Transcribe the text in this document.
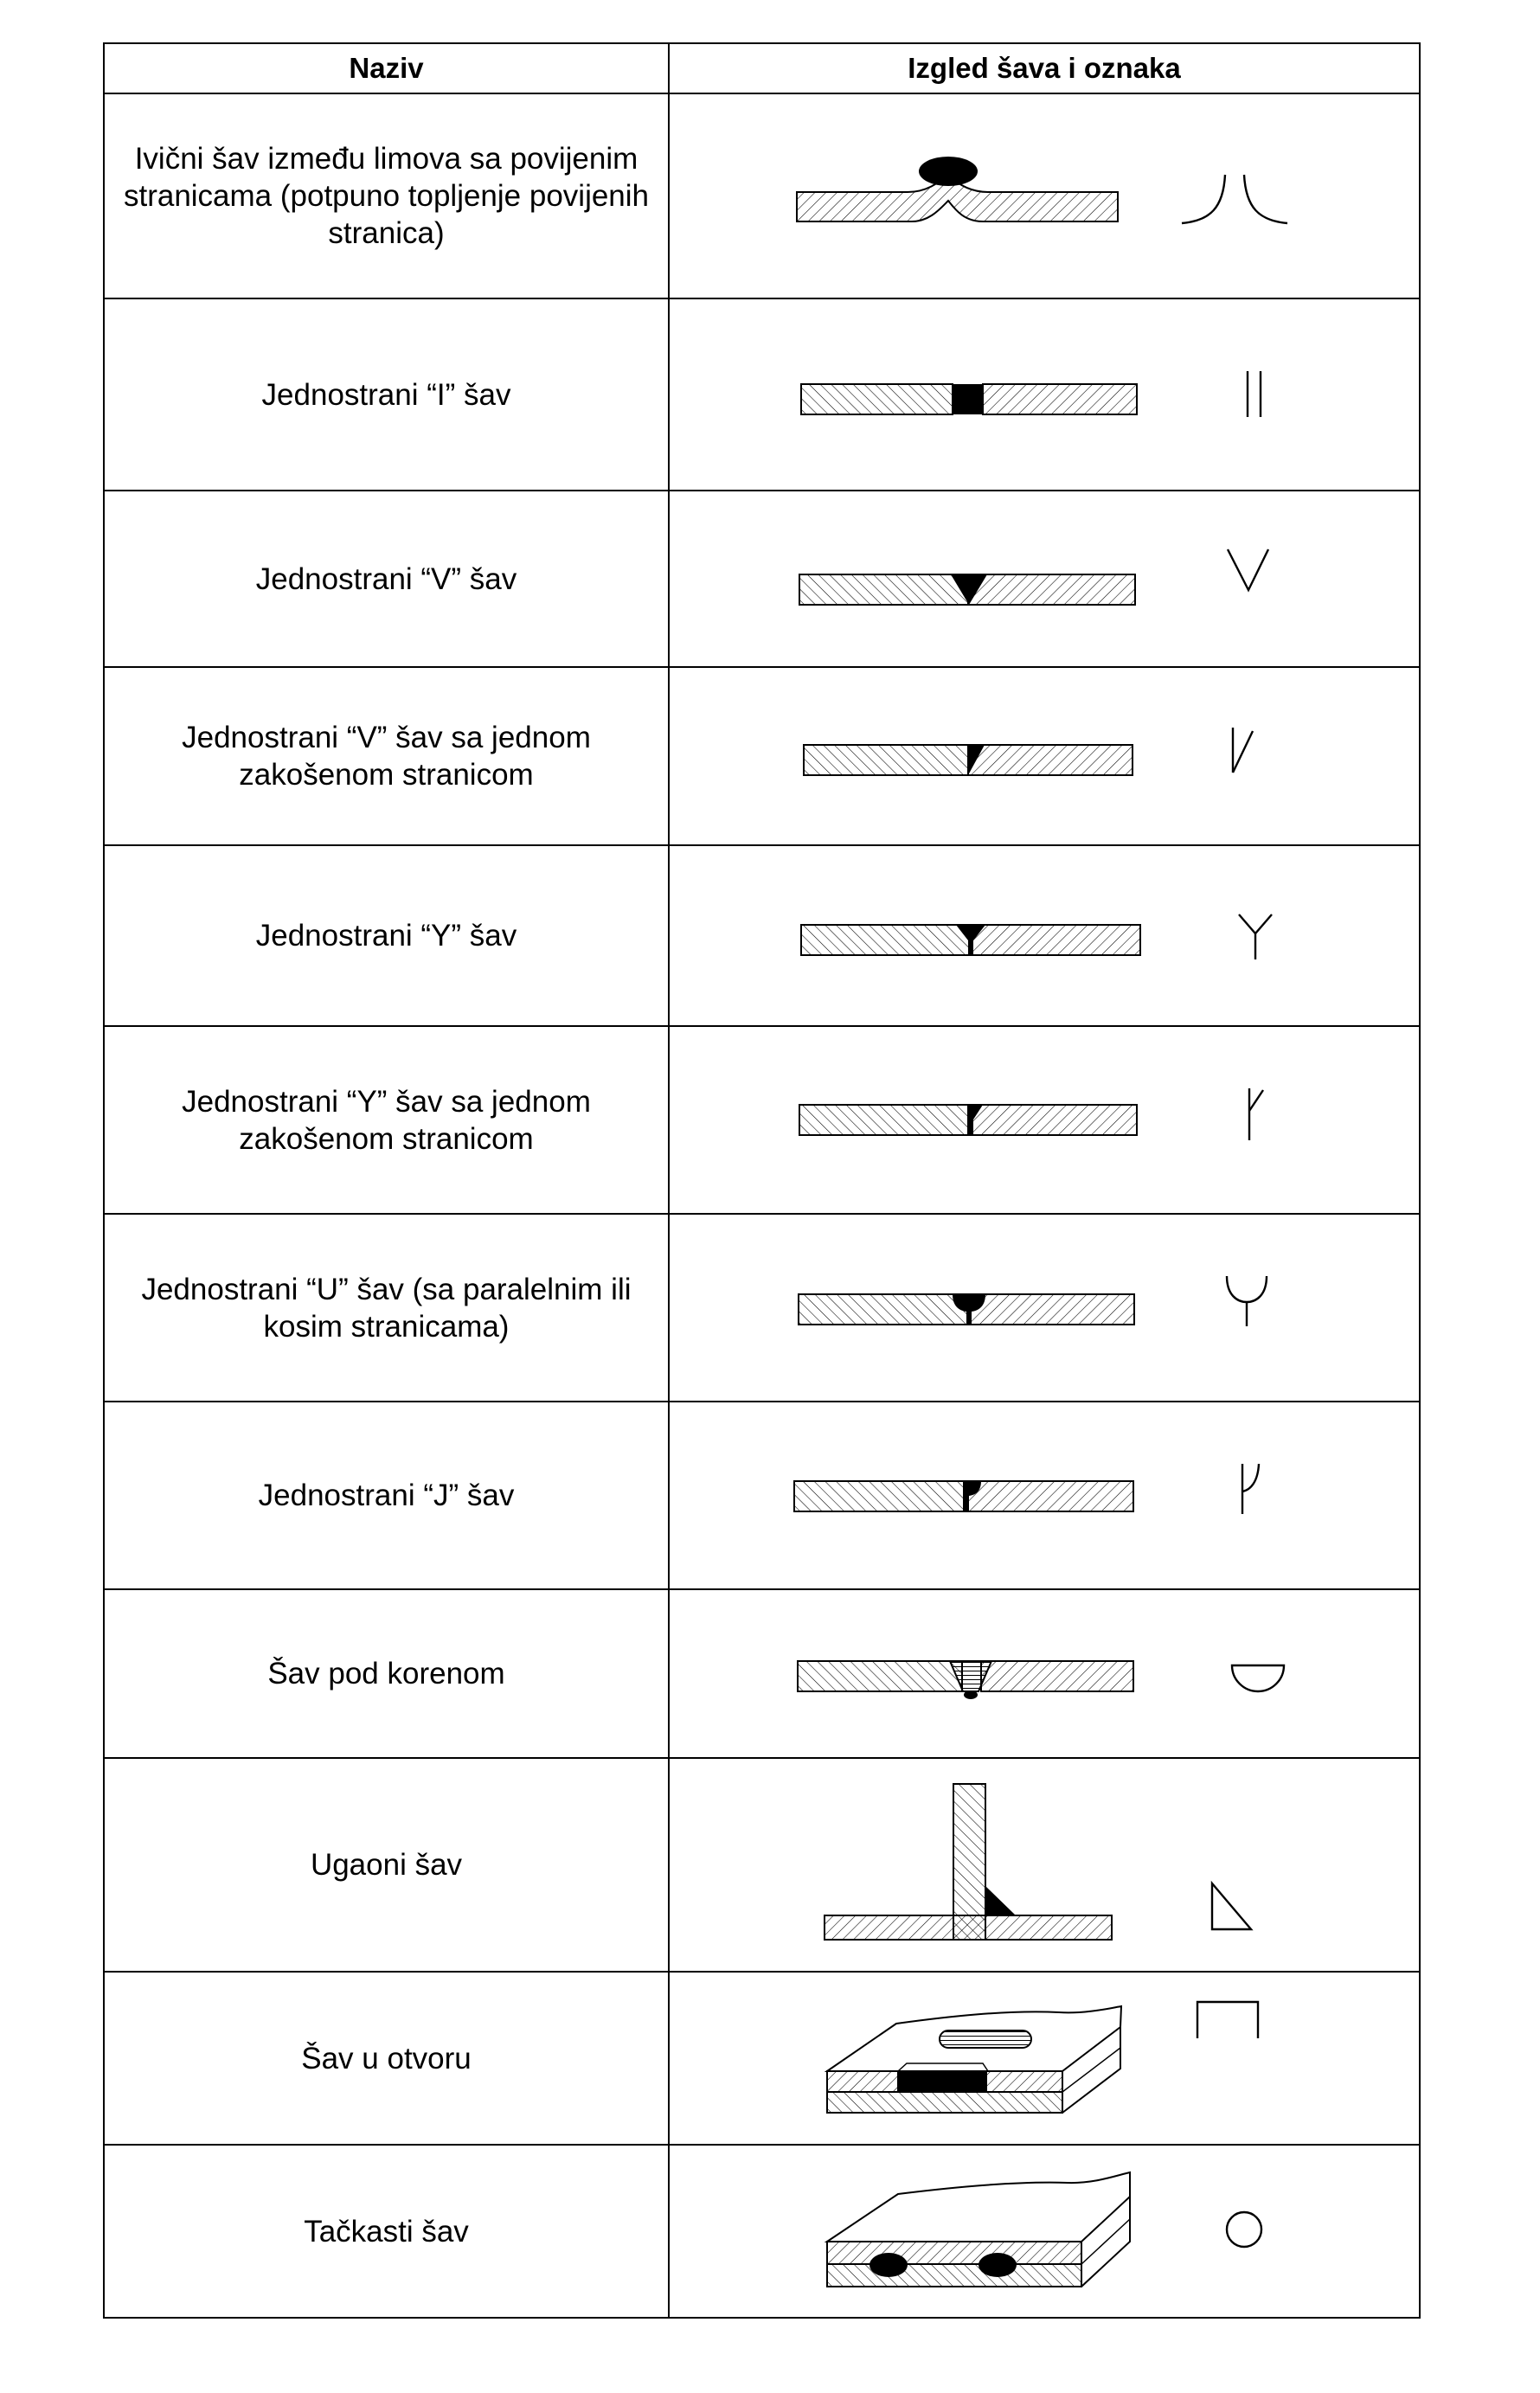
Naziv	Izgled šava i oznaka
Ivični šav između limova sa povijenim
stranicama (potpuno topljenje povijenih
stranica)	

Jednostrani “I” šav	

Jednostrani “V” šav	

Jednostrani “V” šav sa jednom
zakošenom stranicom	

Jednostrani “Y” šav	

Jednostrani “Y” šav sa jednom
zakošenom stranicom	

Jednostrani “U” šav (sa paralelnim ili
kosim stranicama)	

Jednostrani “J” šav	

Šav pod korenom	

Ugaoni šav	

Šav u otvoru	

Tačkasti šav	
